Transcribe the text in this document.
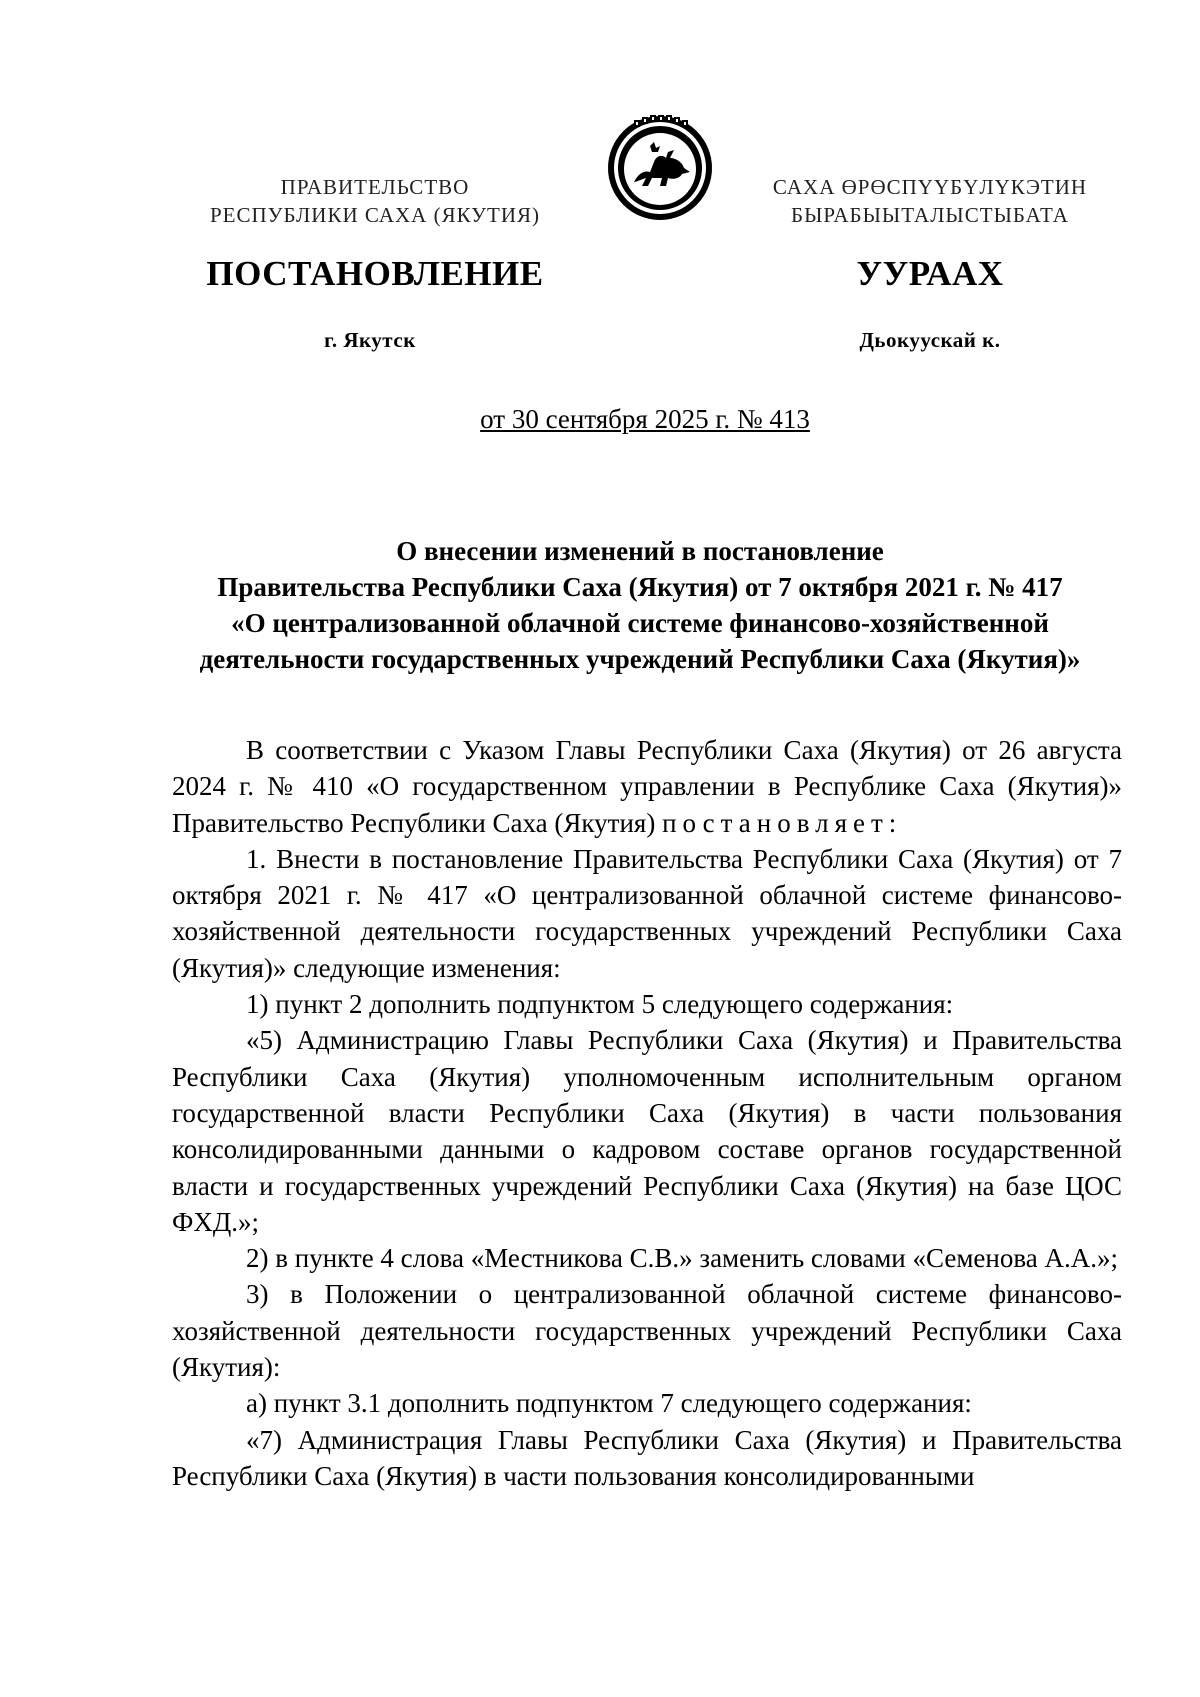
ПРАВИТЕЛЬСТВО
РЕСПУБЛИКИ САХА (ЯКУТИЯ)
САХА ӨРӨСПҮҮБҮЛҮКЭТИН
БЫРАБЫЫТАЛЫСТЫБАТА
ПОСТАНОВЛЕНИЕ	УУРААХ
г. Якутск	Дьокуускай к.
от 30 сентября 2025 г. № 413
О внесении изменений в постановление
Правительства Республики Саха (Якутия) от 7 октября 2021 г. № 417
«О централизованной облачной системе финансово-хозяйственной
деятельности государственных учреждений Республики Саха (Якутия)»

В соответствии с Указом Главы Республики Саха (Якутия) от 26 августа 2024 г. № 410 «О государственном управлении в Республике Саха (Якутия)» Правительство Республики Саха (Якутия) постановляет:

1. Внести в постановление Правительства Республики Саха (Якутия) от 7 октября 2021 г. № 417 «О централизованной облачной системе финансово-хозяйственной деятельности государственных учреждений Республики Саха (Якутия)» следующие изменения:

1) пункт 2 дополнить подпунктом 5 следующего содержания:

«5) Администрацию Главы Республики Саха (Якутия) и Правительства Республики Саха (Якутия) уполномоченным исполнительным органом государственной власти Республики Саха (Якутия) в части пользования консолидированными данными о кадровом составе органов государственной власти и государственных учреждений Республики Саха (Якутия) на базе ЦОС ФХД.»;

2) в пункте 4 слова «Местникова С.В.» заменить словами «Семенова А.А.»;

3) в Положении о централизованной облачной системе финансово-хозяйственной деятельности государственных учреждений Республики Саха (Якутия):

а) пункт 3.1 дополнить подпунктом 7 следующего содержания:

«7) Администрация Главы Республики Саха (Якутия) и Правительства Республики Саха (Якутия) в части пользования консолидированными
